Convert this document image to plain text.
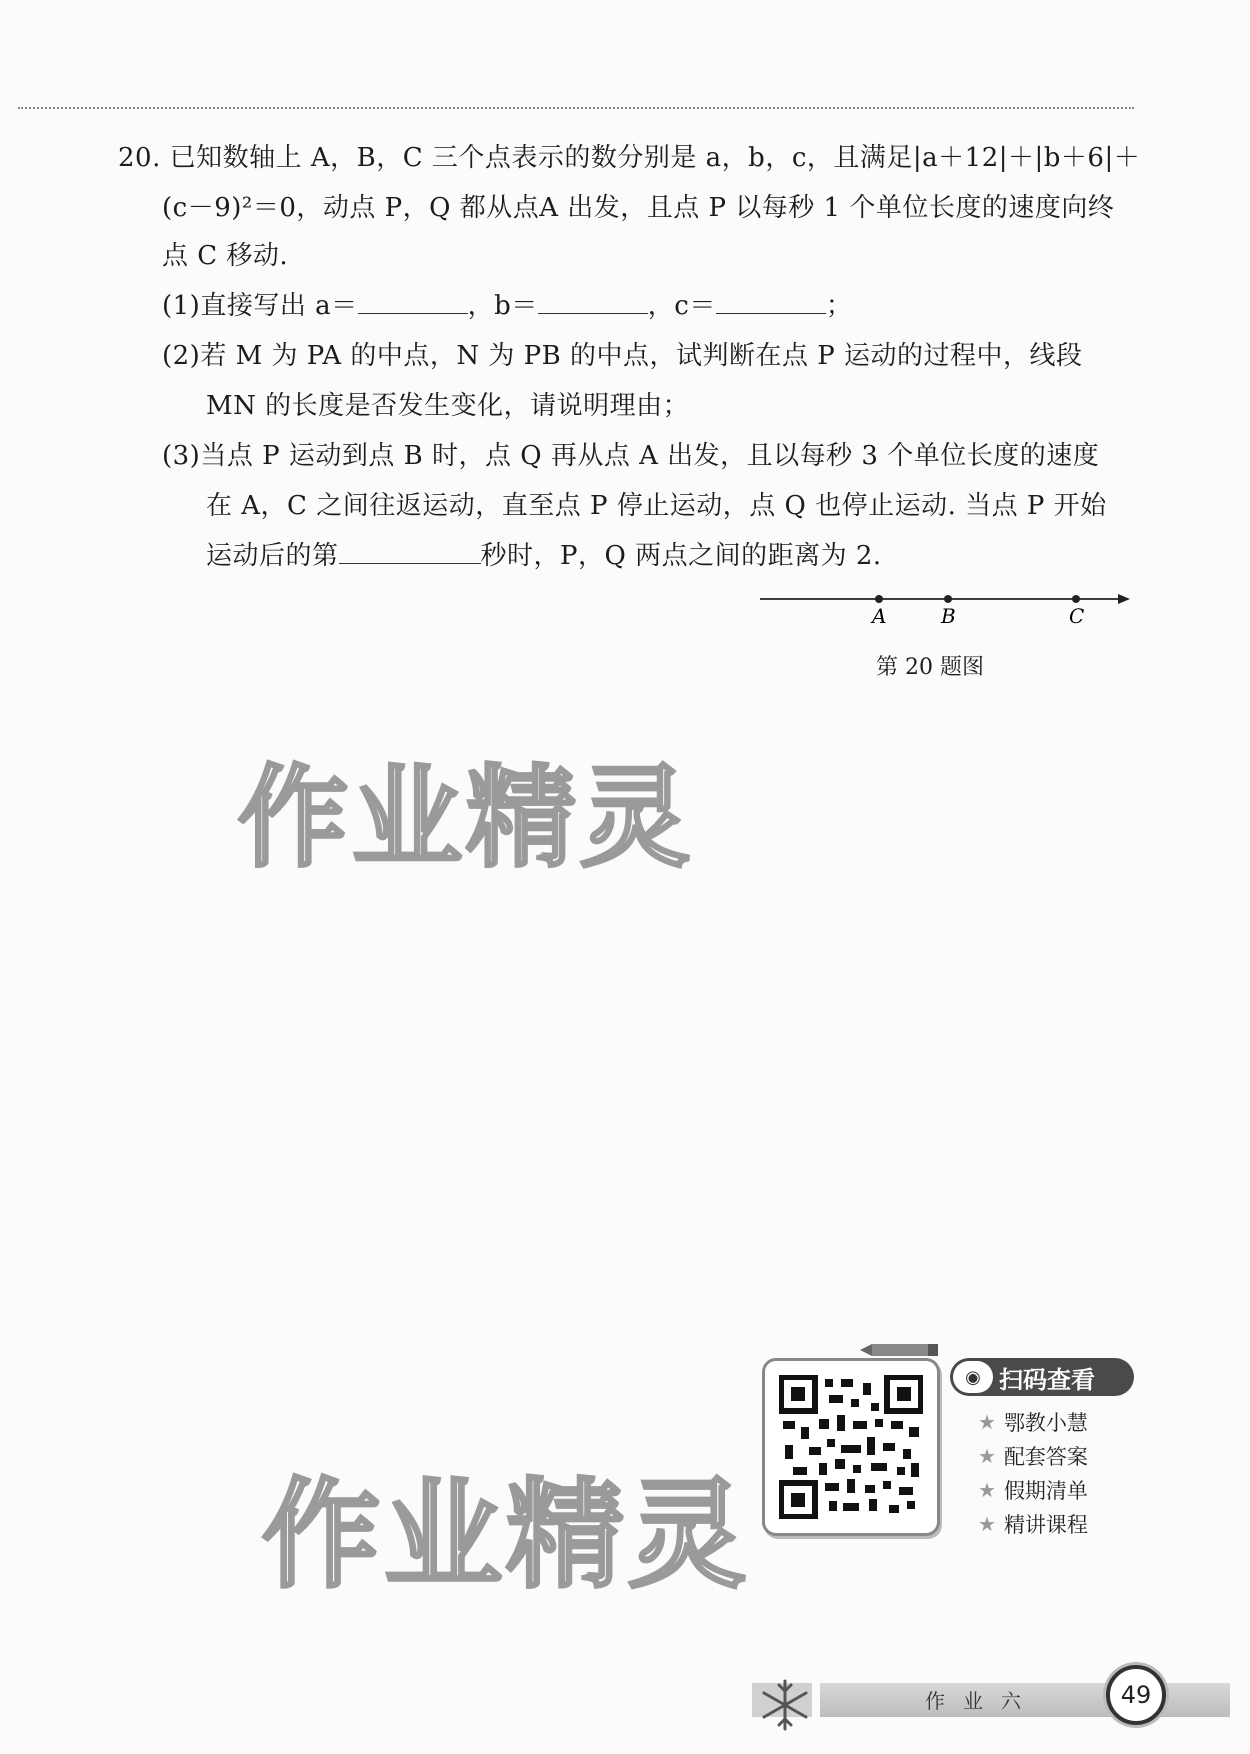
20. 已知数轴上 A，B，C 三个点表示的数分别是 a，b，c，且满足|a＋12|＋|b＋6|＋
(c－9)²＝0，动点 P，Q 都从点A 出发，且点 P 以每秒 1 个单位长度的速度向终
点 C 移动.
(1)直接写出 a＝	，b＝	，c＝	；
(2)若 M 为 PA 的中点，N 为 PB 的中点，试判断在点 P 运动的过程中，线段
MN 的长度是否发生变化，请说明理由；
(3)当点 P 运动到点 B 时，点 Q 再从点 A 出发，且以每秒 3 个单位长度的速度
在 A，C 之间往返运动，直至点 P 停止运动，点 Q 也停止运动. 当点 P 开始
运动后的第	秒时，P，Q 两点之间的距离为 2.
A	B	C
第 20 题图
作业精灵
作业精灵
◉ 扫码查看
★ 鄂教小慧
★ 配套答案
★ 假期清单
★ 精讲课程
作业六	49
